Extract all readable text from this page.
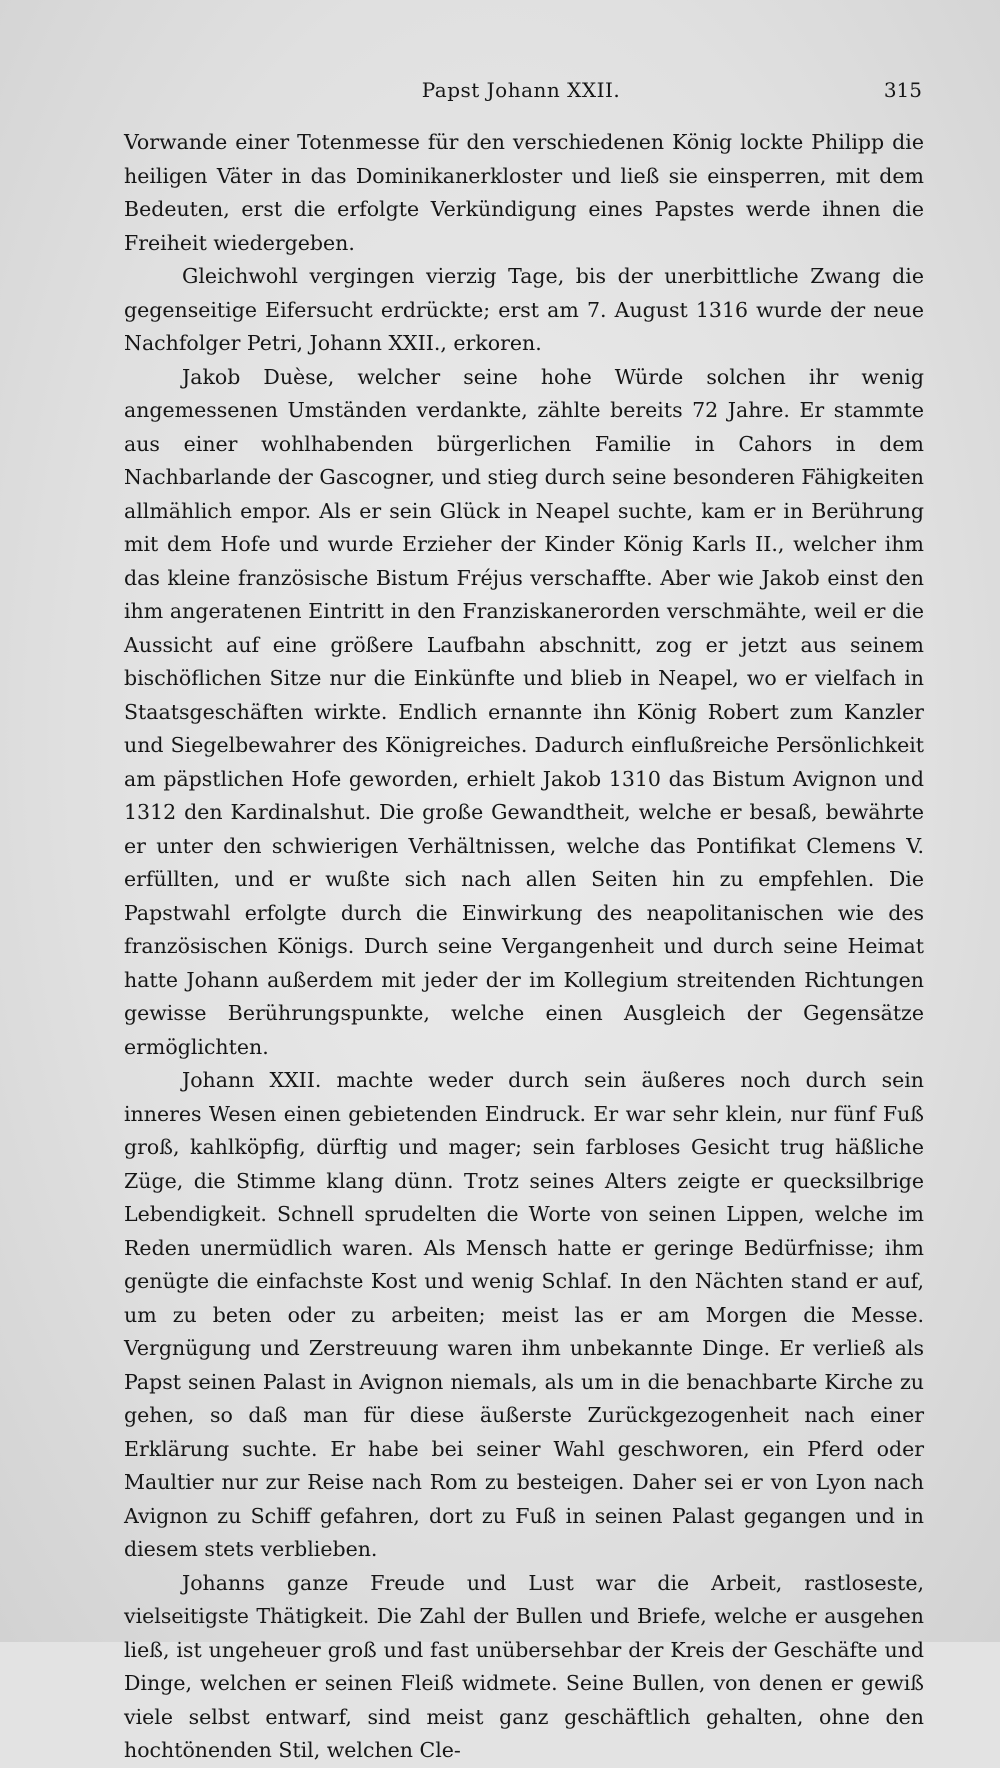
Papst Johann XXII.	315

Vorwande einer Totenmesse für den verschiedenen König lockte Philipp die heiligen Väter in das Dominikanerkloster und ließ sie einsperren, mit dem Bedeuten, erst die erfolgte Verkündigung eines Papstes werde ihnen die Freiheit wiedergeben.

Gleichwohl vergingen vierzig Tage, bis der unerbittliche Zwang die gegenseitige Eifersucht erdrückte; erst am 7. August 1316 wurde der neue Nachfolger Petri, Johann XXII., erkoren.

Jakob Duèse, welcher seine hohe Würde solchen ihr wenig angemessenen Umständen verdankte, zählte bereits 72 Jahre. Er stammte aus einer wohlhabenden bürgerlichen Familie in Cahors in dem Nachbarlande der Gascogner, und stieg durch seine besonderen Fähigkeiten allmählich empor. Als er sein Glück in Neapel suchte, kam er in Berührung mit dem Hofe und wurde Erzieher der Kinder König Karls II., welcher ihm das kleine französische Bistum Fréjus verschaffte. Aber wie Jakob einst den ihm angeratenen Eintritt in den Franziskanerorden verschmähte, weil er die Aussicht auf eine größere Laufbahn abschnitt, zog er jetzt aus seinem bischöflichen Sitze nur die Einkünfte und blieb in Neapel, wo er vielfach in Staatsgeschäften wirkte. Endlich ernannte ihn König Robert zum Kanzler und Siegelbewahrer des Königreiches. Dadurch einflußreiche Persönlichkeit am päpstlichen Hofe geworden, erhielt Jakob 1310 das Bistum Avignon und 1312 den Kardinalshut. Die große Gewandtheit, welche er besaß, bewährte er unter den schwierigen Verhältnissen, welche das Pontifikat Clemens V. erfüllten, und er wußte sich nach allen Seiten hin zu empfehlen. Die Papstwahl erfolgte durch die Einwirkung des neapolitanischen wie des französischen Königs. Durch seine Vergangenheit und durch seine Heimat hatte Johann außerdem mit jeder der im Kollegium streitenden Richtungen gewisse Berührungspunkte, welche einen Ausgleich der Gegensätze ermöglichten.

Johann XXII. machte weder durch sein äußeres noch durch sein inneres Wesen einen gebietenden Eindruck. Er war sehr klein, nur fünf Fuß groß, kahlköpfig, dürftig und mager; sein farbloses Gesicht trug häßliche Züge, die Stimme klang dünn. Trotz seines Alters zeigte er quecksilbrige Lebendigkeit. Schnell sprudelten die Worte von seinen Lippen, welche im Reden unermüdlich waren. Als Mensch hatte er geringe Bedürfnisse; ihm genügte die einfachste Kost und wenig Schlaf. In den Nächten stand er auf, um zu beten oder zu arbeiten; meist las er am Morgen die Messe. Vergnügung und Zerstreuung waren ihm unbekannte Dinge. Er verließ als Papst seinen Palast in Avignon niemals, als um in die benachbarte Kirche zu gehen, so daß man für diese äußerste Zurückgezogenheit nach einer Erklärung suchte. Er habe bei seiner Wahl geschworen, ein Pferd oder Maultier nur zur Reise nach Rom zu besteigen. Daher sei er von Lyon nach Avignon zu Schiff gefahren, dort zu Fuß in seinen Palast gegangen und in diesem stets verblieben.

Johanns ganze Freude und Lust war die Arbeit, rastloseste, vielseitigste Thätigkeit. Die Zahl der Bullen und Briefe, welche er ausgehen ließ, ist ungeheuer groß und fast unübersehbar der Kreis der Geschäfte und Dinge, welchen er seinen Fleiß widmete. Seine Bullen, von denen er gewiß viele selbst entwarf, sind meist ganz geschäftlich gehalten, ohne den hochtönenden Stil, welchen Cle-
